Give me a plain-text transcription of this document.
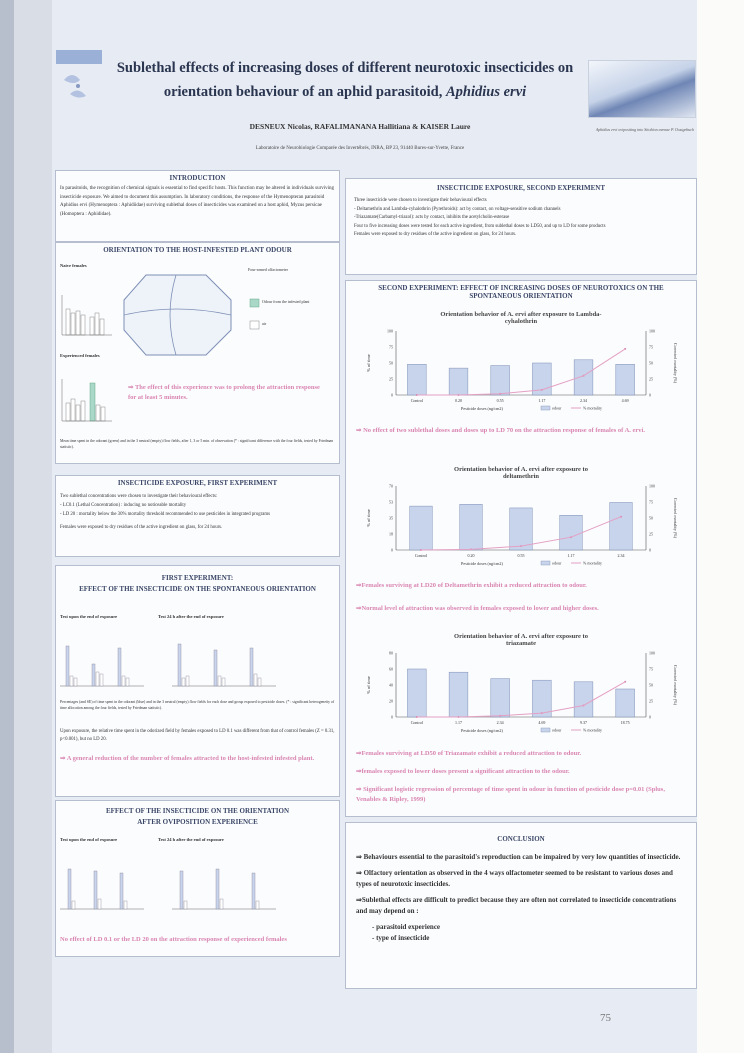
Sublethal effects of increasing doses of different neurotoxic insecticides on
orientation behaviour of an aphid parasitoid, Aphidius ervi
DESNEUX Nicolas, RAFALIMANANA Hallitiana & KAISER Laure
Laboratoire de Neurobiologie Comparée des Invertébrés, INRA, BP 23, 91440 Bures-sur-Yvette, France
Aphidius ervi ovipositing into Sitobion avenae P. Oostgebuch
INTRODUCTION
In parasitoids, the recognition of chemical signals is essential to find specific hosts. This function may be altered in individuals surviving insecticide exposure. We aimed to document this assumption. In laboratory conditions, the response of the Hymenopteran parasitoid Aphidius ervi (Hymenoptera : Aphidiidae) surviving sublethal doses of insecticides was examined on a host aphid, Myzus persicae (Homoptera : Aphididae).
ORIENTATION TO THE HOST-INFESTED PLANT ODOUR
Naive females
Experienced females
Four-armed olfactometer
Odour from the infested plant
air
⇒ The effect of this experience was to prolong the attraction response for at least 5 minutes.
Mean time spent in the odorant (green) and in the 3 neutral (empty) flow fields, after 1, 3 or 5 min. of observation (* : significant difference with the four fields, tested by Friedman statistic).
INSECTICIDE EXPOSURE, FIRST EXPERIMENT
Two sublethal concentrations were chosen to investigate their behavioural effects:
- LC0.1 (Lethal Concentration) : inducing no noticeable mortality
- LD 20 : mortality below the 30% mortality threshold recommended to use pesticides in integrated programs
Females were exposed to dry residues of the active ingredient on glass, for 24 hours.
FIRST EXPERIMENT:
EFFECT OF THE INSECTICIDE ON THE SPONTANEOUS ORIENTATION
Test upon the end of exposure	Test 24 h after the end of exposure
Percentages (and SE) of time spent in the odorant (blue) and in the 3 neutral (empty) flow fields for each dose and group exposed to pesticide doses. (* : significant heterogeneity of time allocation among the four fields, tested by Friedman statistic).
Upon exposure, the relative time spent in the odorized field by females exposed to LD 0.1 was different from that of control females (Z = 0.31, p<0.001), but no LD 20.
⇒ A general reduction of the number of females attracted to the host-infested infested plant.
EFFECT OF THE INSECTICIDE ON THE ORIENTATION
AFTER OVIPOSITION EXPERIENCE
Test upon the end of exposure	Test 24 h after the end of exposure
No effect of LD 0.1 or the LD 20 on the attraction response of experienced females
INSECTICIDE EXPOSURE, SECOND EXPERIMENT
Three insecticide were chosen to investigate their behavioural effects
- Deltamethrin and Lambda-cyhalothrin (Pyrethroids): act by contact, on voltage-sensitive sodium channels
-Triazamate(Carbamyl-triazol): acts by contact, inhibits the acetylcholin-esterase
Four to five increasing doses were tested for each active ingredient, from sublethal doses to LD50, and up to LD for some products
Females were exposed to dry residues of the active ingredient on glass, for 24 hours.
SECOND EXPERIMENT: EFFECT OF INCREASING DOSES OF NEUROTOXICS ON THE SPONTANEOUS ORIENTATION
Orientation behavior of A. ervi after exposure to Lambda-
cyhalothrin
0	0
25	25
50	50
75	75
100	100
Control	0.20	0.55	1.17	2.34	4.69
Pesticide doses (ng/cm2)
% of time	Corrected mortality (%)
odour	% mortality
⇒ No effect of two sublethal doses and doses up to LD 70 on the attraction response of females of A. ervi.
Orientation behavior of A. ervi after exposure to
deltamethrin
0	0
18	25
35	50
53	75
70	100
Control	0.20	0.55	1.17	2.34
Pesticide doses (ng/cm2)
% of time	Corrected mortality (%)
odour	% mortality
⇒Females surviving at LD20 of Deltamethrin exhibit a reduced attraction to odour.
⇒Normal level of attraction was observed in females exposed to lower and higher doses.
Orientation behavior of A. ervi after exposure to
triazamate
0	0
20	25
40	50
60	75
80	100
Control	1.17	2.34	4.69	9.37	18.75
Pesticide doses (ng/cm2)
% of time	Corrected mortality (%)
odour	% mortality
⇒Females surviving at LD50 of Triazamate exhibit a reduced attraction to odour.
⇒females exposed to lower doses present a significant attraction to the odour.
⇒ Significant logistic regression of percentage of time spent in odour in function of pesticide dose p=0.01 (Splus, Venables & Ripley, 1999)
CONCLUSION
⇒ Behaviours essential to the parasitoid's reproduction can be impaired by very low quantities of insecticide.
⇒ Olfactory orientation as observed in the 4 ways olfactometer seemed to be resistant to various doses and types of neurotoxic insecticides.
⇒Sublethal effects are difficult to predict because they are often not correlated to insecticide concentrations and may depend on :
- parasitoid experience
- type of insecticide
75
